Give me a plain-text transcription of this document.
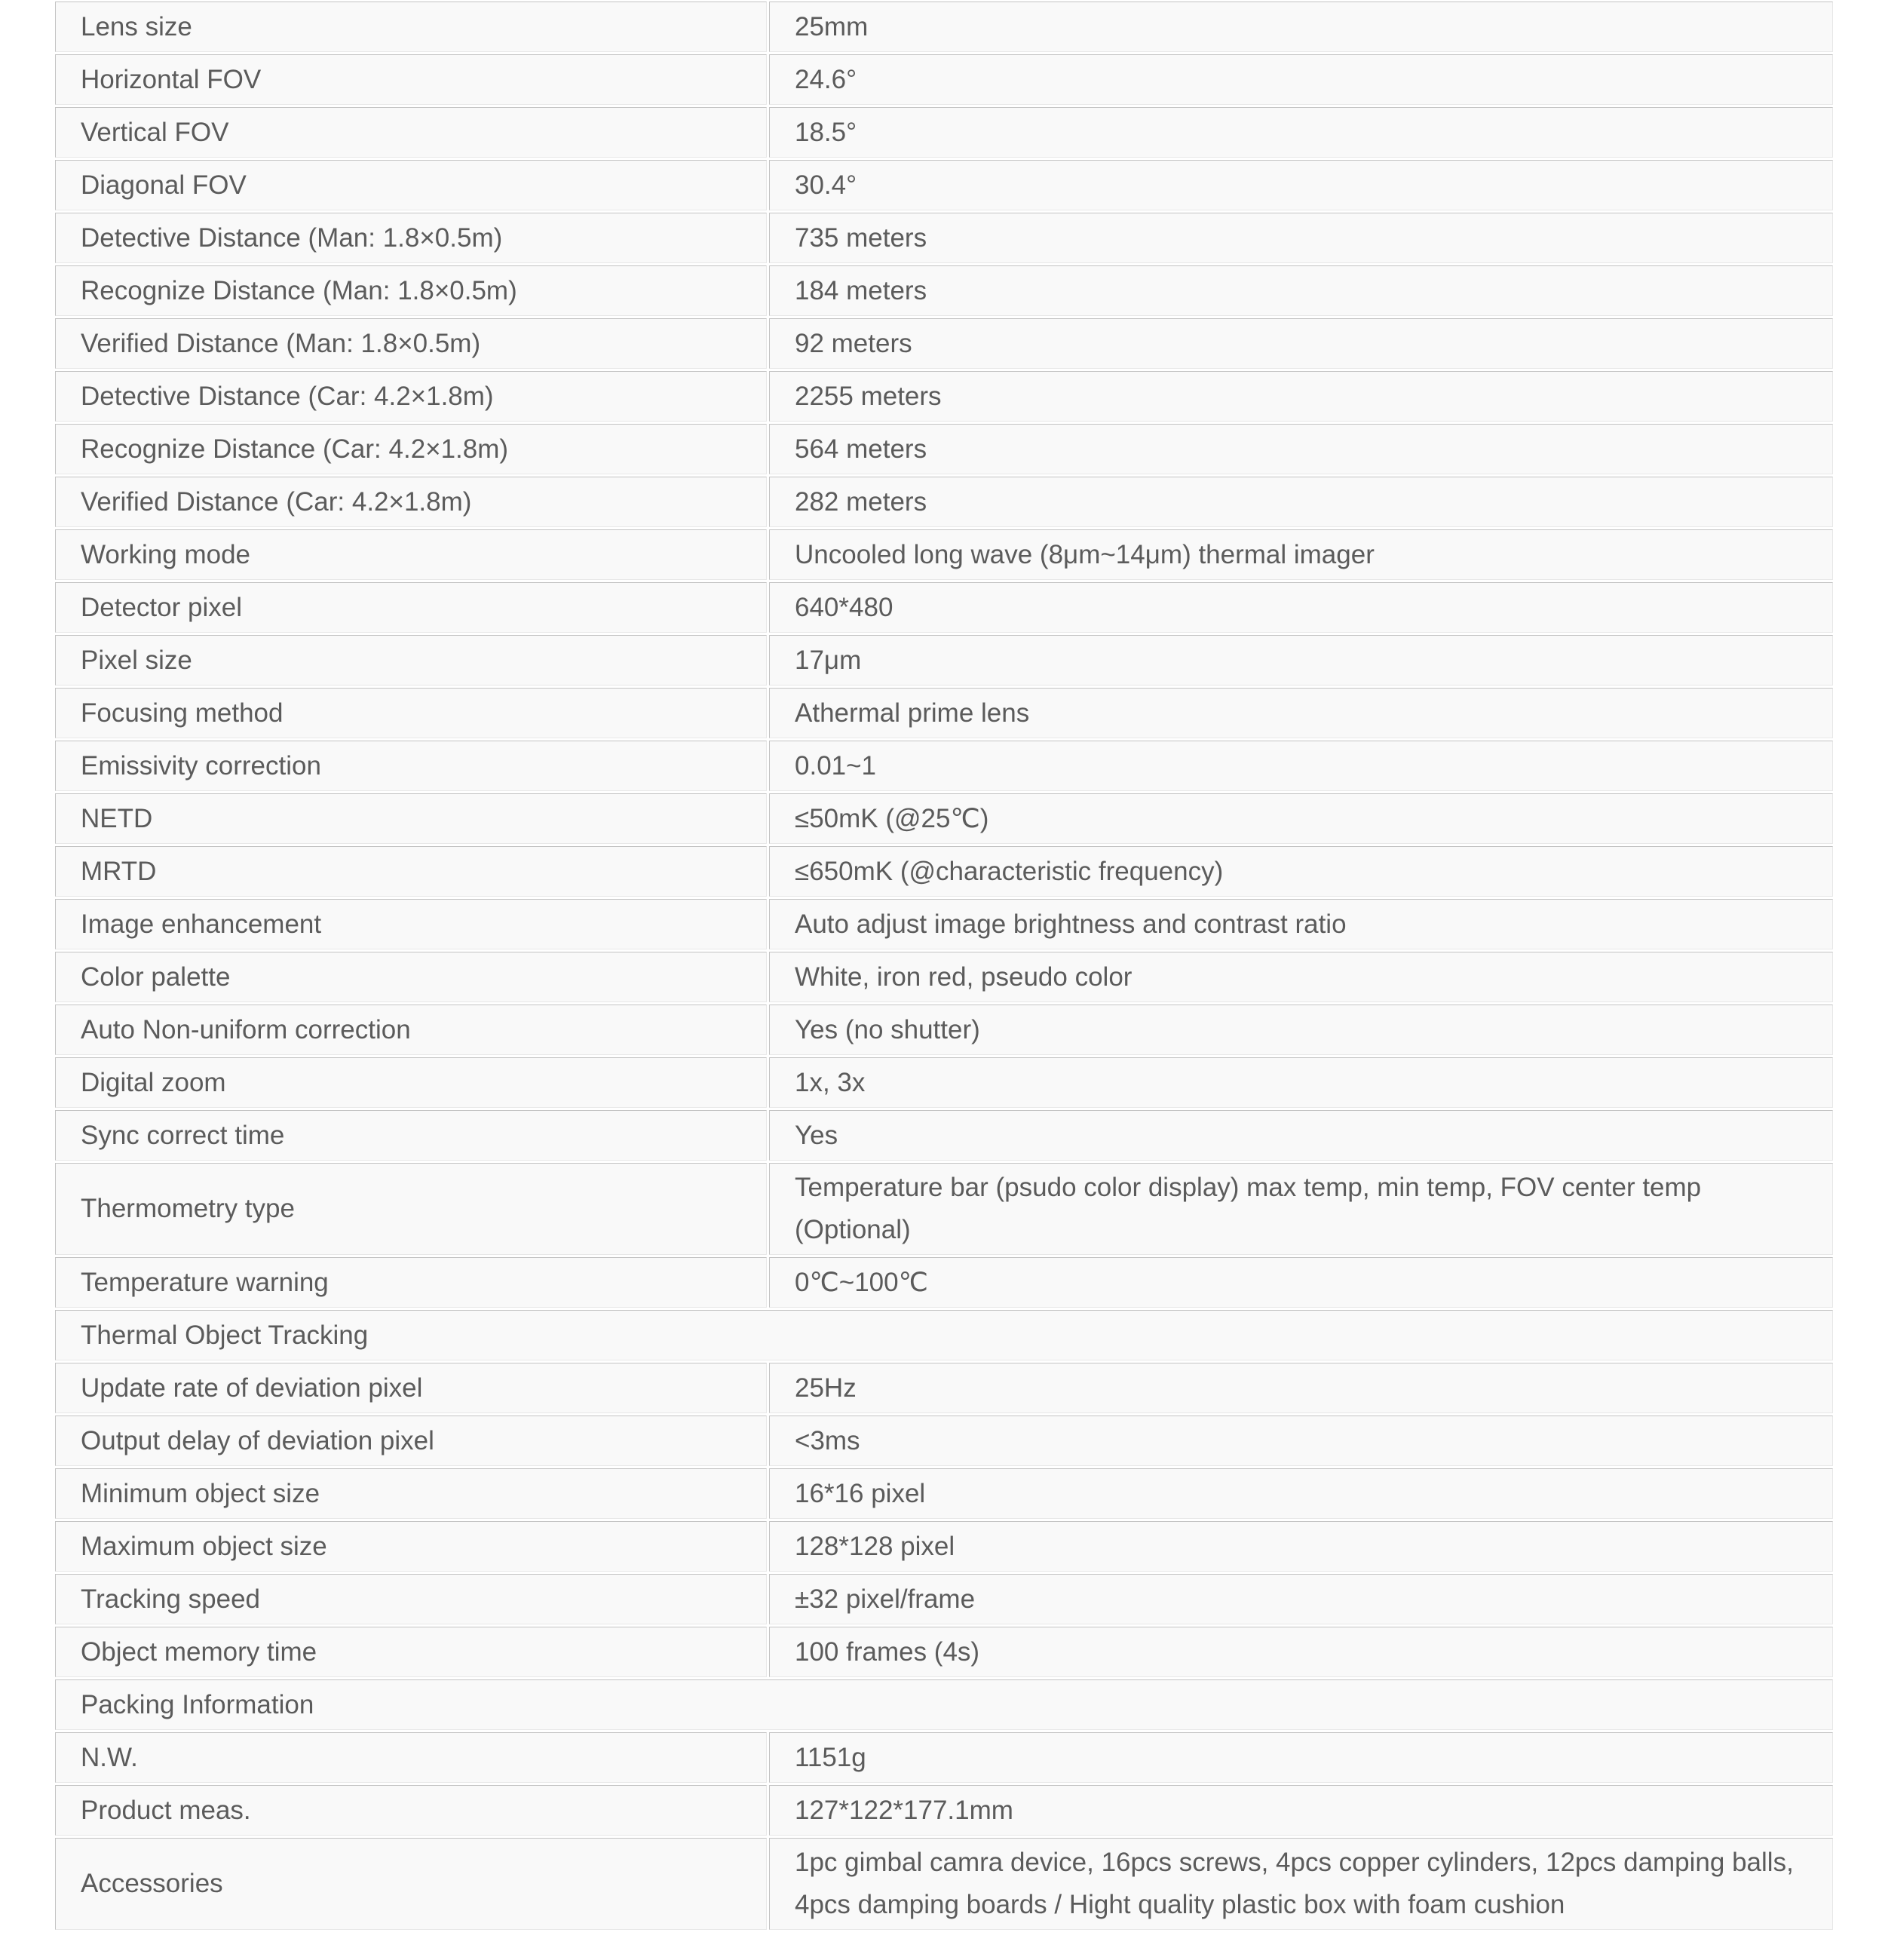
Lens size	25mm
Horizontal FOV	24.6°
Vertical FOV	18.5°
Diagonal FOV	30.4°
Detective Distance (Man: 1.8×0.5m)	735 meters
Recognize Distance (Man: 1.8×0.5m)	184 meters
Verified Distance (Man: 1.8×0.5m)	92 meters
Detective Distance (Car: 4.2×1.8m)	2255 meters
Recognize Distance (Car: 4.2×1.8m)	564 meters
Verified Distance (Car: 4.2×1.8m)	282 meters
Working mode	Uncooled long wave (8μm~14μm) thermal imager
Detector pixel	640*480
Pixel size	17μm
Focusing method	Athermal prime lens
Emissivity correction	0.01~1
NETD	≤50mK (@25℃)
MRTD	≤650mK (@characteristic frequency)
Image enhancement	Auto adjust image brightness and contrast ratio
Color palette	White, iron red, pseudo color
Auto Non-uniform correction	Yes (no shutter)
Digital zoom	1x, 3x
Sync correct time	Yes
Thermometry type	Temperature bar (psudo color display) max temp, min temp, FOV center temp (Optional)
Temperature warning	0℃~100℃
Thermal Object Tracking	
Update rate of deviation pixel	25Hz
Output delay of deviation pixel	<3ms
Minimum object size	16*16 pixel
Maximum object size	128*128 pixel
Tracking speed	±32 pixel/frame
Object memory time	100 frames (4s)
Packing Information	
N.W.	1151g
Product meas.	127*122*177.1mm
Accessories	1pc gimbal camra device, 16pcs screws, 4pcs copper cylinders, 12pcs damping balls, 4pcs damping boards / Hight quality plastic box with foam cushion
